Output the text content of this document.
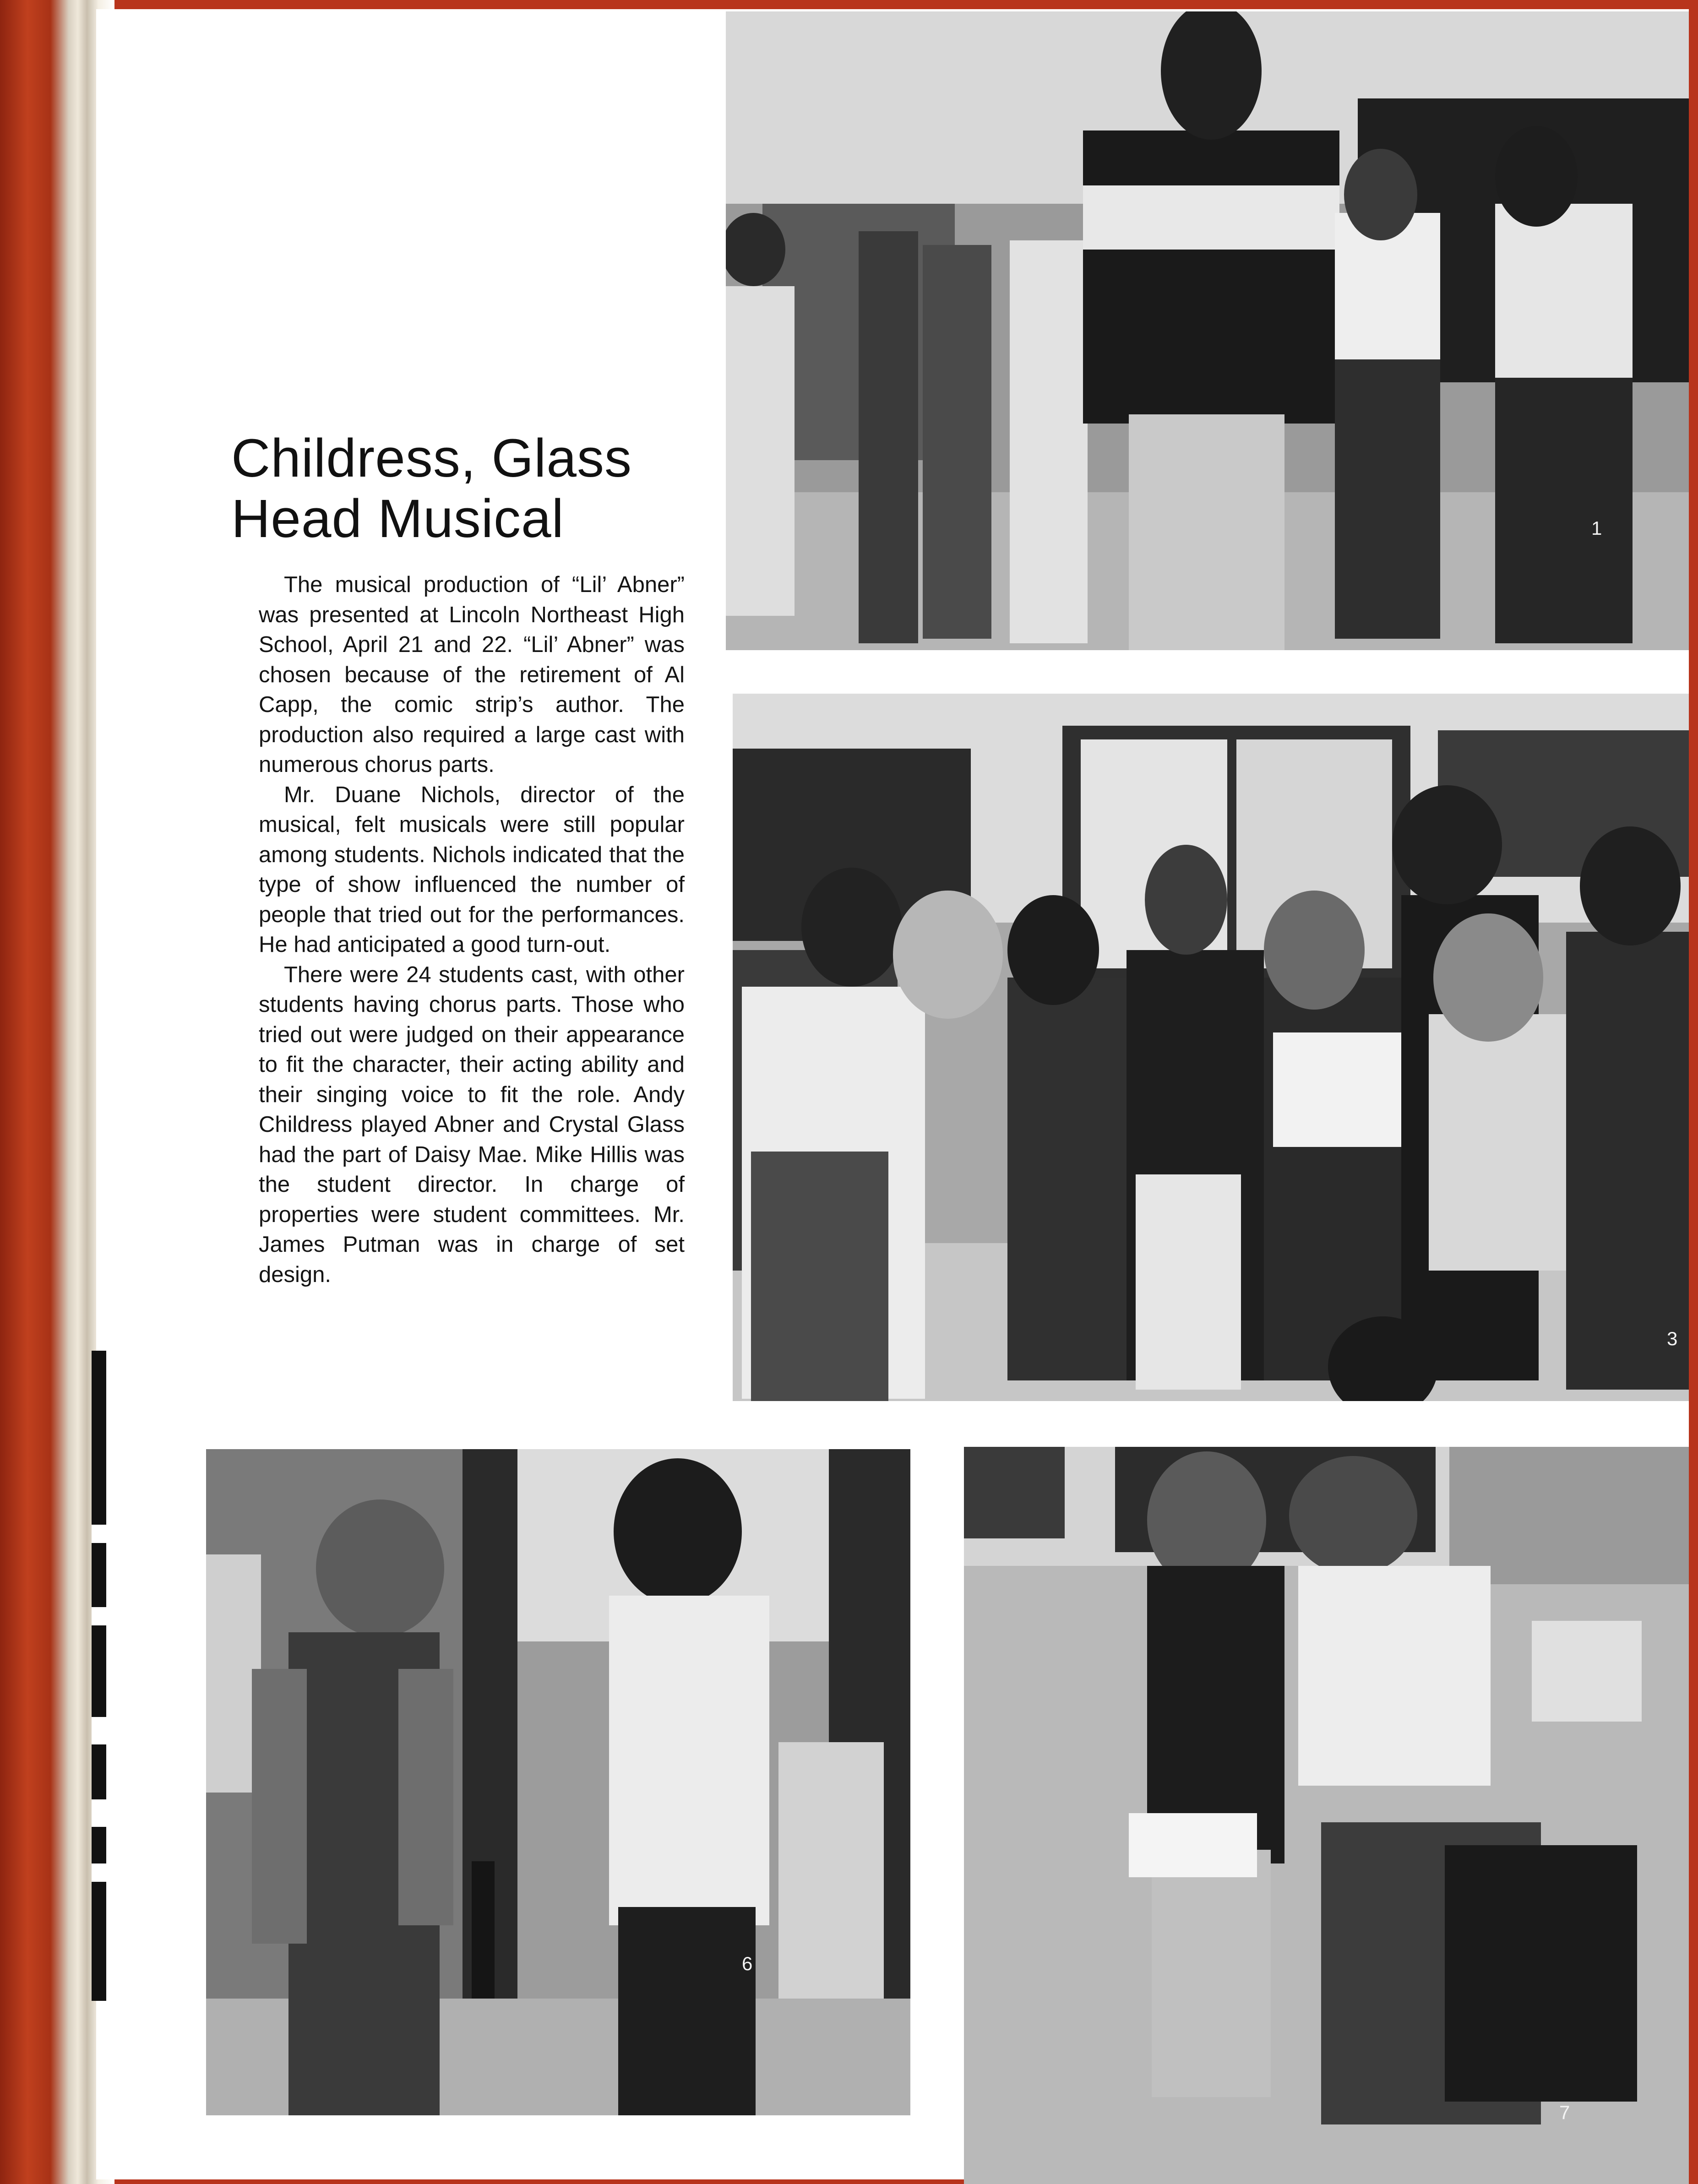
Childress, Glass Head Musical

The musical production of “Lil’ Abner” was presented at Lincoln Northeast High School, April 21 and 22. “Lil’ Abner” was chosen because of the retirement of Al Capp, the comic strip’s author. The production also required a large cast with numerous chorus parts.

Mr. Duane Nichols, director of the musical, felt musicals were still popular among students. Nichols indicated that the type of show influenced the number of people that tried out for the performances. He had anticipated a good turn-out.

There were 24 students cast, with other students having chorus parts. Those who tried out were judged on their appearance to fit the character, their acting ability and their singing voice to fit the role. Andy Childress played Abner and Crystal Glass had the part of Daisy Mae. Mike Hillis was the student director. In charge of properties were student committees. Mr. James Putman was in charge of set design.

1
3
6
7
